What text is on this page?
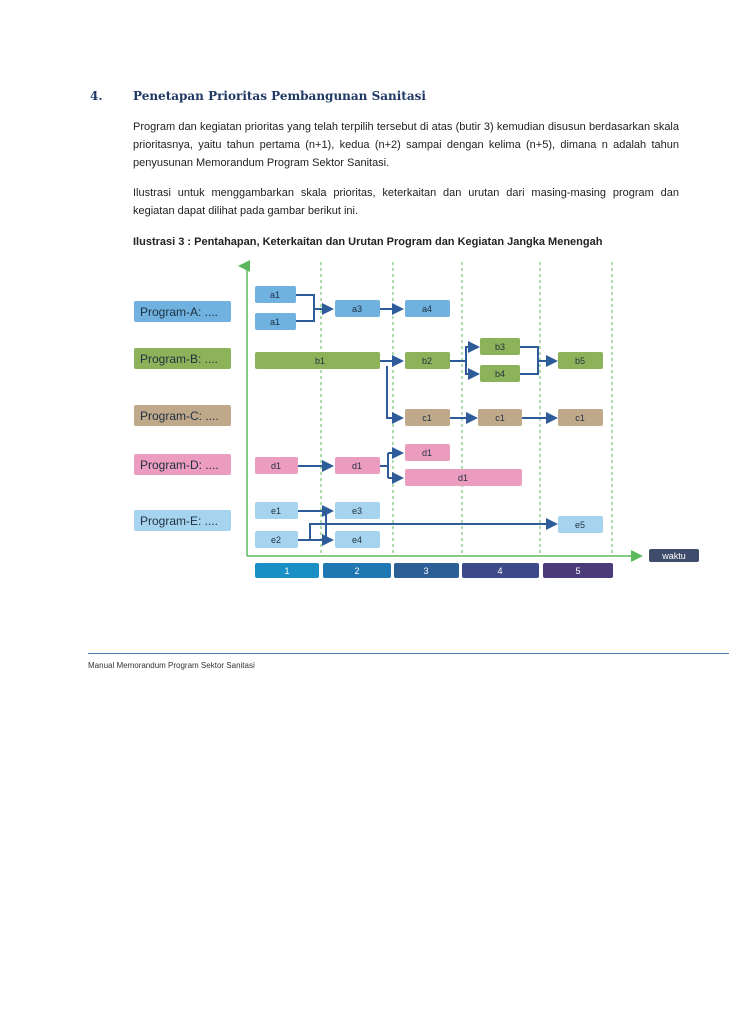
4.	Penetapan Prioritas Pembangunan Sanitasi

Program dan kegiatan prioritas yang telah terpilih tersebut di atas (butir 3) kemudian disusun berdasarkan skala prioritasnya, yaitu tahun pertama (n+1), kedua (n+2) sampai dengan kelima (n+5), dimana n adalah tahun penyusunan Memorandum Program Sektor Sanitasi.

Ilustrasi untuk menggambarkan skala prioritas, keterkaitan dan urutan dari masing-masing program dan kegiatan dapat dilihat pada gambar berikut ini.

Ilustrasi 3 : Pentahapan, Keterkaitan dan Urutan Program dan Kegiatan Jangka Menengah
waktu
1	2	3	4	5
Program-A: ....
Program-B: ....
Program-C: ....
Program-D: ....
Program-E: ....
a1
a1
a3	a4
b1	b2
b3
b4
b5
c1	c1	c1
d1	d1
d1
d1
e1
e2
e3
e4
e5
Manual Memorandum Program Sektor Sanitasi
